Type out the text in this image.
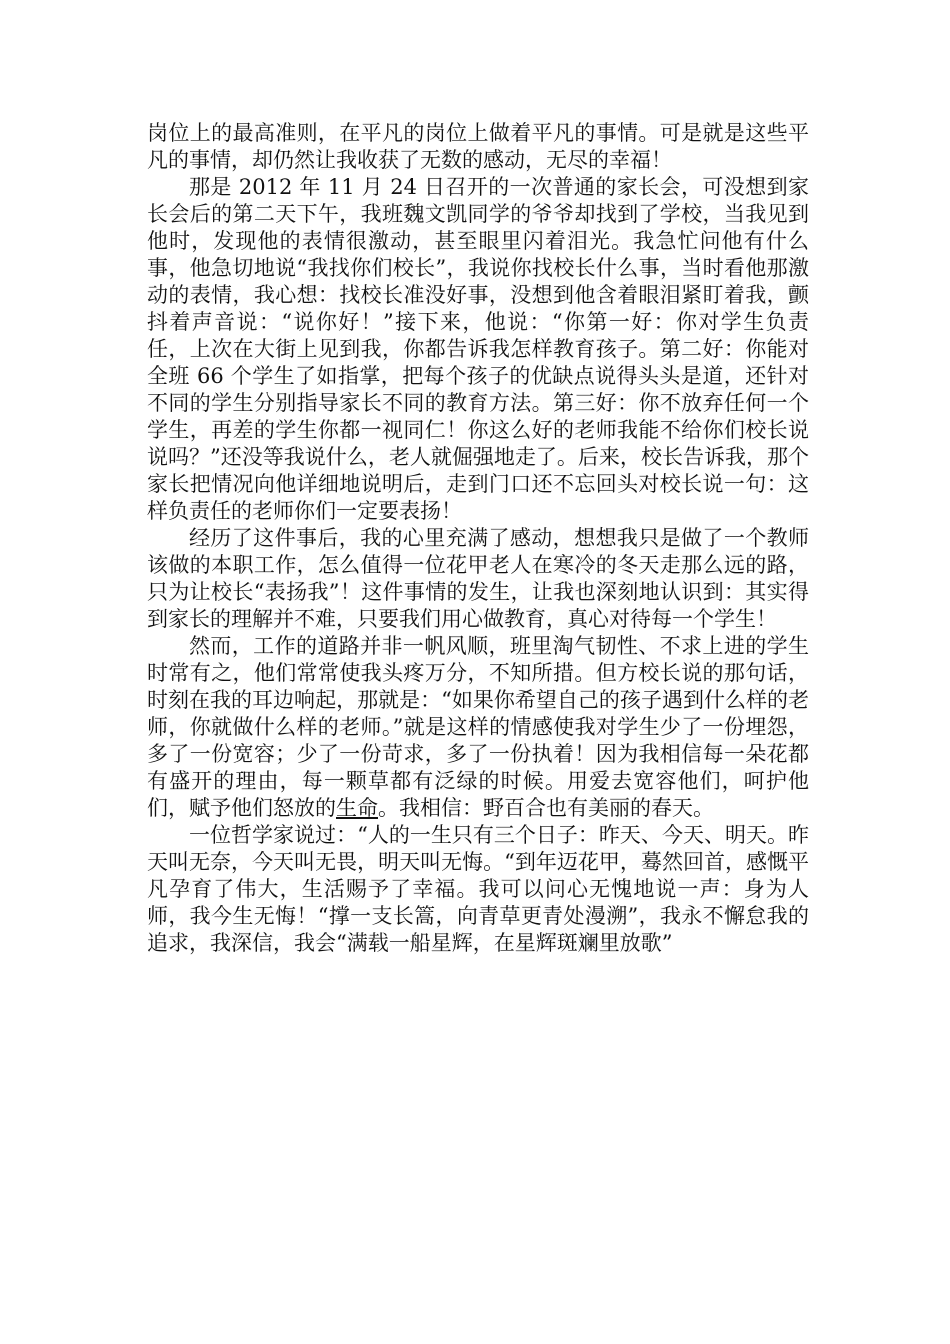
岗位上的最高准则，在平凡的岗位上做着平凡的事情。可是就是这些平凡的事情，却仍然让我收获了无数的感动，无尽的幸福！

那是 2012 年 11 月 24 日召开的一次普通的家长会，可没想到家长会后的第二天下午，我班魏文凯同学的爷爷却找到了学校，当我见到他时，发现他的表情很激动，甚至眼里闪着泪光。我急忙问他有什么事，他急切地说“我找你们校长”，我说你找校长什么事，当时看他那激动的表情，我心想：找校长准没好事，没想到他含着眼泪紧盯着我，颤抖着声音说：“说你好！”接下来，他说：“你第一好：你对学生负责任，上次在大街上见到我，你都告诉我怎样教育孩子。第二好：你能对全班 66 个学生了如指掌，把每个孩子的优缺点说得头头是道，还针对不同的学生分别指导家长不同的教育方法。第三好：你不放弃任何一个学生，再差的学生你都一视同仁！你这么好的老师我能不给你们校长说说吗？”还没等我说什么，老人就倔强地走了。后来，校长告诉我，那个家长把情况向他详细地说明后，走到门口还不忘回头对校长说一句：这样负责任的老师你们一定要表扬！

经历了这件事后，我的心里充满了感动，想想我只是做了一个教师该做的本职工作，怎么值得一位花甲老人在寒冷的冬天走那么远的路，只为让校长“表扬我”！这件事情的发生，让我也深刻地认识到：其实得到家长的理解并不难，只要我们用心做教育，真心对待每一个学生！

然而，工作的道路并非一帆风顺，班里淘气韧性、不求上进的学生时常有之，他们常常使我头疼万分，不知所措。但方校长说的那句话，时刻在我的耳边响起，那就是：“如果你希望自己的孩子遇到什么样的老师，你就做什么样的老师。”就是这样的情感使我对学生少了一份埋怨，多了一份宽容；少了一份苛求，多了一份执着！因为我相信每一朵花都有盛开的理由，每一颗草都有泛绿的时候。用爱去宽容他们，呵护他们，赋予他们怒放的生命。我相信：野百合也有美丽的春天。

一位哲学家说过：“人的一生只有三个日子：昨天、今天、明天。昨天叫无奈，今天叫无畏，明天叫无悔。“到年迈花甲，蓦然回首，感慨平凡孕育了伟大，生活赐予了幸福。我可以问心无愧地说一声：身为人师，我今生无悔！“撑一支长篙，向青草更青处漫溯”，我永不懈怠我的追求，我深信，我会“满载一船星辉，在星辉斑斓里放歌”
